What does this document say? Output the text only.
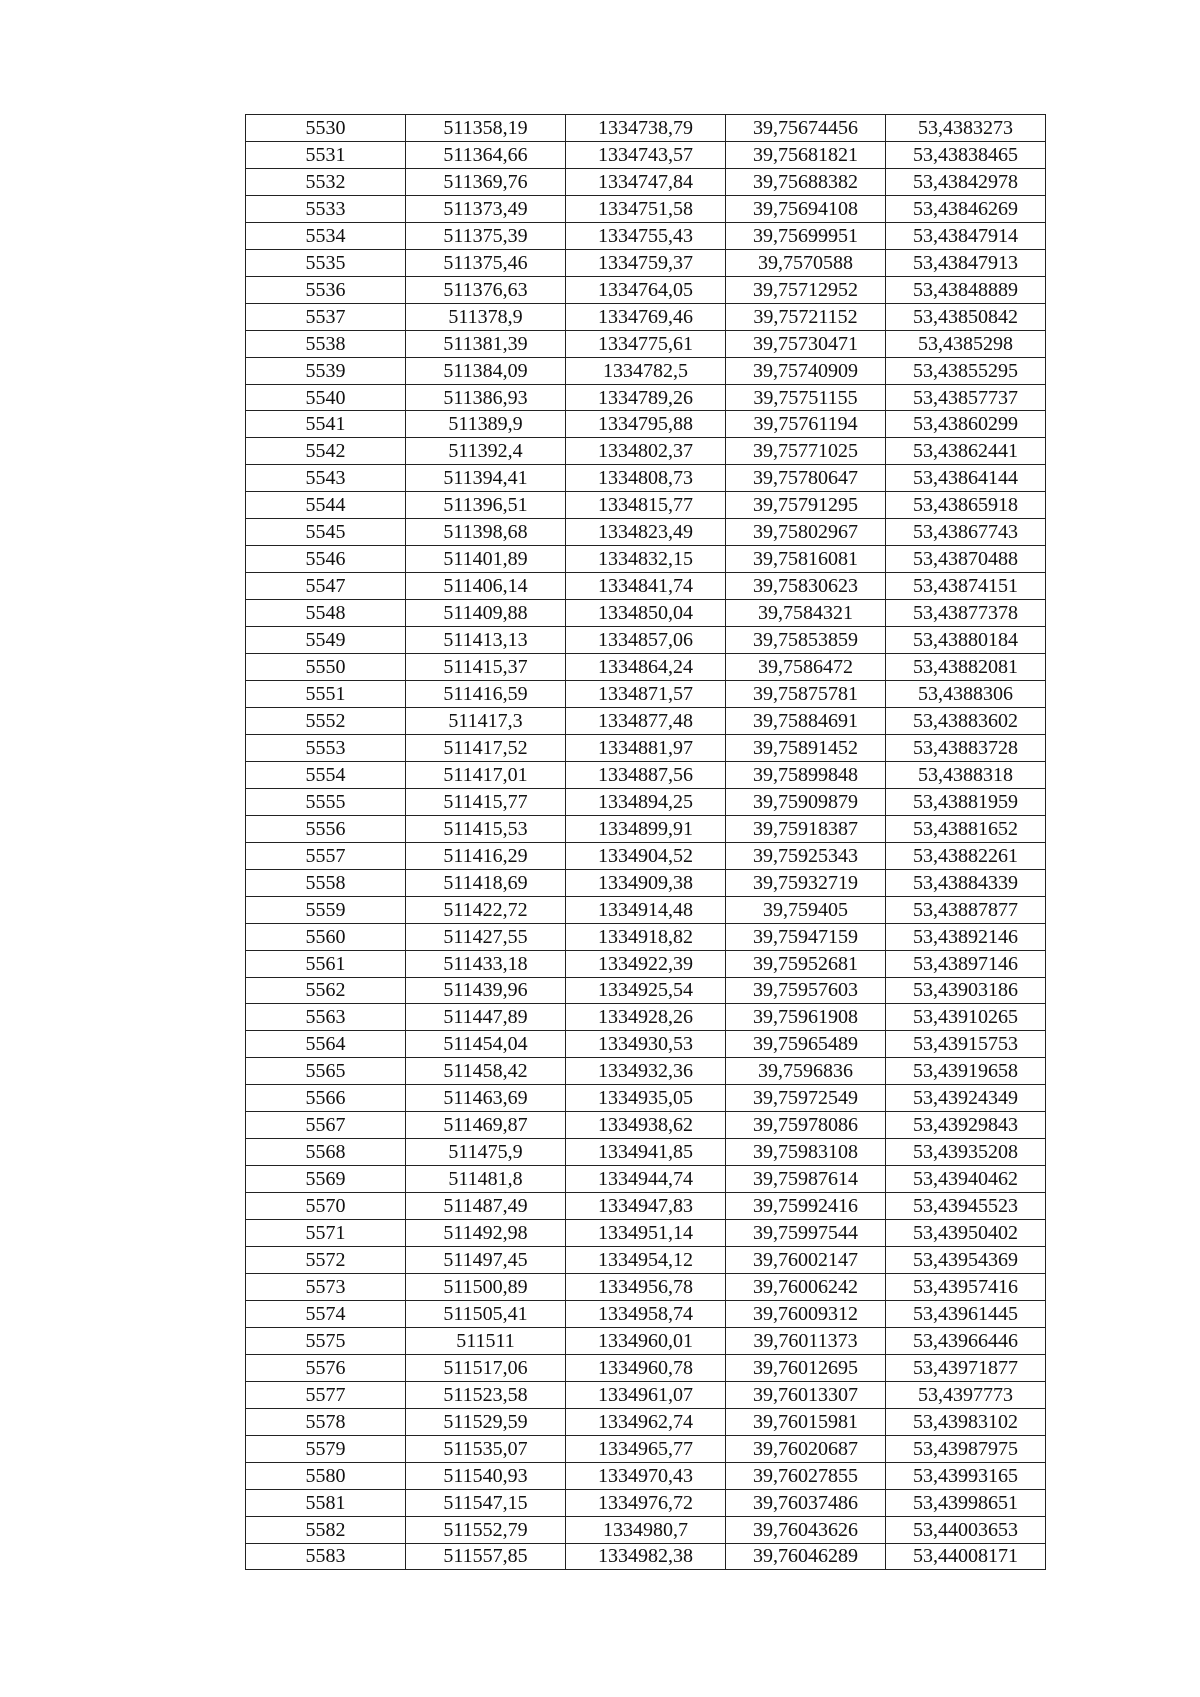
5530	511358,19	1334738,79	39,75674456	53,4383273
5531	511364,66	1334743,57	39,75681821	53,43838465
5532	511369,76	1334747,84	39,75688382	53,43842978
5533	511373,49	1334751,58	39,75694108	53,43846269
5534	511375,39	1334755,43	39,75699951	53,43847914
5535	511375,46	1334759,37	39,7570588	53,43847913
5536	511376,63	1334764,05	39,75712952	53,43848889
5537	511378,9	1334769,46	39,75721152	53,43850842
5538	511381,39	1334775,61	39,75730471	53,4385298
5539	511384,09	1334782,5	39,75740909	53,43855295
5540	511386,93	1334789,26	39,75751155	53,43857737
5541	511389,9	1334795,88	39,75761194	53,43860299
5542	511392,4	1334802,37	39,75771025	53,43862441
5543	511394,41	1334808,73	39,75780647	53,43864144
5544	511396,51	1334815,77	39,75791295	53,43865918
5545	511398,68	1334823,49	39,75802967	53,43867743
5546	511401,89	1334832,15	39,75816081	53,43870488
5547	511406,14	1334841,74	39,75830623	53,43874151
5548	511409,88	1334850,04	39,7584321	53,43877378
5549	511413,13	1334857,06	39,75853859	53,43880184
5550	511415,37	1334864,24	39,7586472	53,43882081
5551	511416,59	1334871,57	39,75875781	53,4388306
5552	511417,3	1334877,48	39,75884691	53,43883602
5553	511417,52	1334881,97	39,75891452	53,43883728
5554	511417,01	1334887,56	39,75899848	53,4388318
5555	511415,77	1334894,25	39,75909879	53,43881959
5556	511415,53	1334899,91	39,75918387	53,43881652
5557	511416,29	1334904,52	39,75925343	53,43882261
5558	511418,69	1334909,38	39,75932719	53,43884339
5559	511422,72	1334914,48	39,759405	53,43887877
5560	511427,55	1334918,82	39,75947159	53,43892146
5561	511433,18	1334922,39	39,75952681	53,43897146
5562	511439,96	1334925,54	39,75957603	53,43903186
5563	511447,89	1334928,26	39,75961908	53,43910265
5564	511454,04	1334930,53	39,75965489	53,43915753
5565	511458,42	1334932,36	39,7596836	53,43919658
5566	511463,69	1334935,05	39,75972549	53,43924349
5567	511469,87	1334938,62	39,75978086	53,43929843
5568	511475,9	1334941,85	39,75983108	53,43935208
5569	511481,8	1334944,74	39,75987614	53,43940462
5570	511487,49	1334947,83	39,75992416	53,43945523
5571	511492,98	1334951,14	39,75997544	53,43950402
5572	511497,45	1334954,12	39,76002147	53,43954369
5573	511500,89	1334956,78	39,76006242	53,43957416
5574	511505,41	1334958,74	39,76009312	53,43961445
5575	511511	1334960,01	39,76011373	53,43966446
5576	511517,06	1334960,78	39,76012695	53,43971877
5577	511523,58	1334961,07	39,76013307	53,4397773
5578	511529,59	1334962,74	39,76015981	53,43983102
5579	511535,07	1334965,77	39,76020687	53,43987975
5580	511540,93	1334970,43	39,76027855	53,43993165
5581	511547,15	1334976,72	39,76037486	53,43998651
5582	511552,79	1334980,7	39,76043626	53,44003653
5583	511557,85	1334982,38	39,76046289	53,44008171
